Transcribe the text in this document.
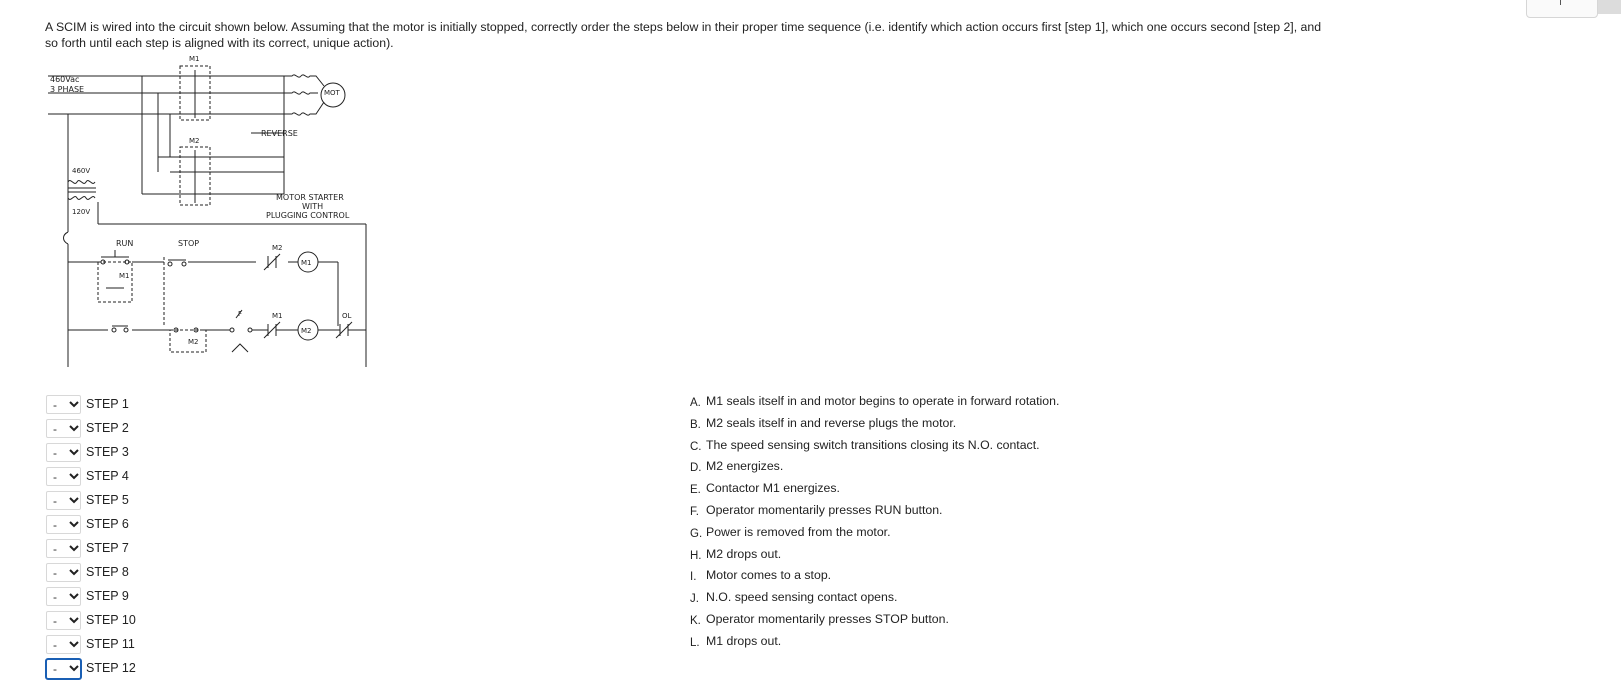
A SCIM is wired into the circuit shown below. Assuming that the motor is initially stopped, correctly order the steps below in their proper time sequence (i.e. identify which action occurs first [step 1], which one occurs second [step 2], and so forth until each step is aligned with its correct, unique action).
460Vac
3 PHASE
M1
M2
MOT
REVERSE
460V
120V
MOTOR STARTER
WITH
PLUGGING CONTROL
RUN	STOP
M1
M2
M2
M1
M1
M2
F	OL
- STEP 1
- STEP 2
- STEP 3
- STEP 4
- STEP 5
- STEP 6
- STEP 7
- STEP 8
- STEP 9
- STEP 10
- STEP 11
- STEP 12
A. M1 seals itself in and motor begins to operate in forward rotation.
B. M2 seals itself in and reverse plugs the motor.
C. The speed sensing switch transitions closing its N.O. contact.
D. M2 energizes.
E. Contactor M1 energizes.
F. Operator momentarily presses RUN button.
G. Power is removed from the motor.
H. M2 drops out.
I. Motor comes to a stop.
J. N.O. speed sensing contact opens.
K. Operator momentarily presses STOP button.
L. M1 drops out.
